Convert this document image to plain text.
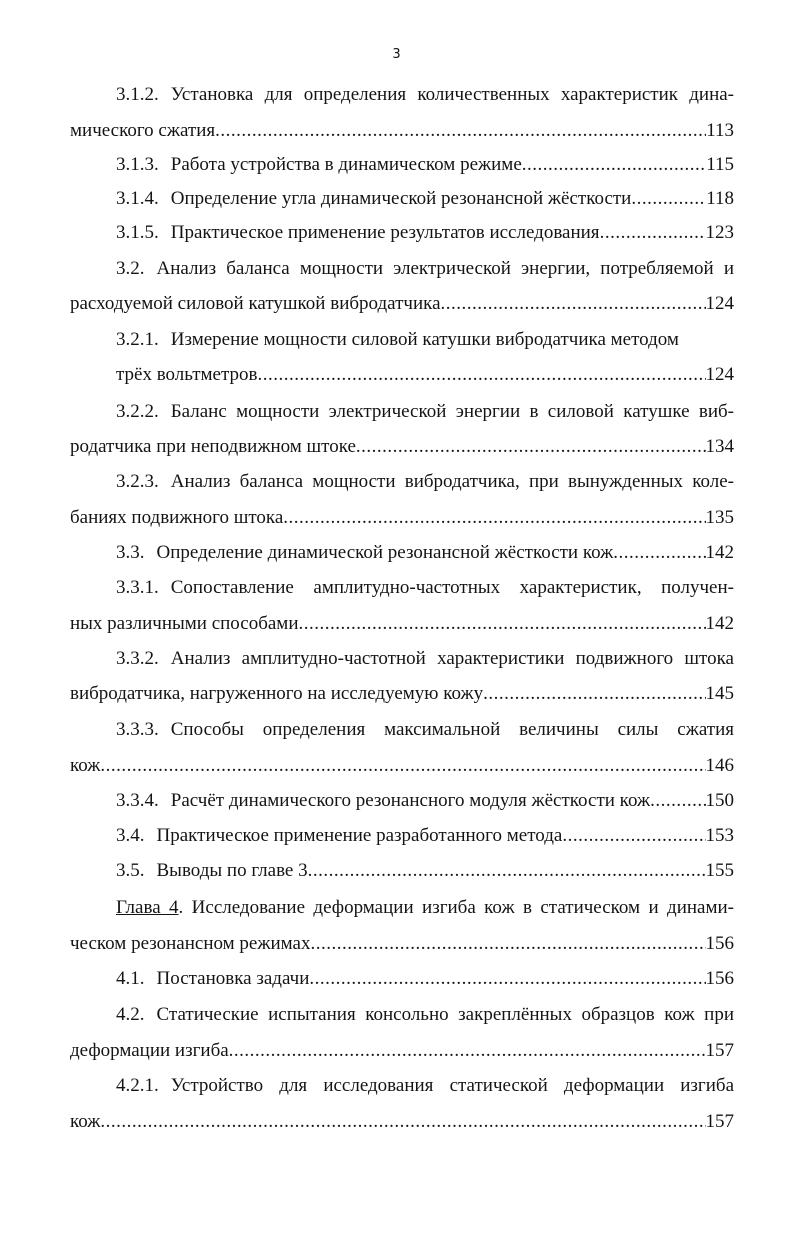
3
3.1.2. Установка для определения количественных характеристик дина-
мического сжатия .....	113
3.1.3. Работа устройства в динамическом режиме .....	115
3.1.4. Определение угла динамической резонансной жёсткости .....	118
3.1.5. Практическое применение результатов исследования .....	123
3.2. Анализ баланса мощности электрической энергии, потребляемой и
расходуемой силовой катушкой вибродатчика .....	124
3.2.1. Измерение мощности силовой катушки вибродатчика методом
трёх вольтметров .....	124
3.2.2. Баланс мощности электрической энергии в силовой катушке виб-
родатчика при неподвижном штоке .....	134
3.2.3. Анализ баланса мощности вибродатчика, при вынужденных коле-
баниях подвижного штока .....	135
3.3. Определение динамической резонансной жёсткости кож .....	142
3.3.1. Сопоставление амплитудно-частотных характеристик, получен-
ных различными способами .....	142
3.3.2. Анализ амплитудно-частотной характеристики подвижного штока
вибродатчика, нагруженного на исследуемую кожу .....	145
3.3.3. Способы определения максимальной величины силы сжатия
кож .....	146
3.3.4. Расчёт динамического резонансного модуля жёсткости кож .....	150
3.4. Практическое применение разработанного метода .....	153
3.5. Выводы по главе 3 .....	155
Глава 4. Исследование деформации изгиба кож в статическом и динами-
ческом резонансном режимах .....	156
4.1. Постановка задачи .....	156
4.2. Статические испытания консольно закреплённых образцов кож при
деформации изгиба .....	157
4.2.1. Устройство для исследования статической деформации изгиба
кож .....	157
